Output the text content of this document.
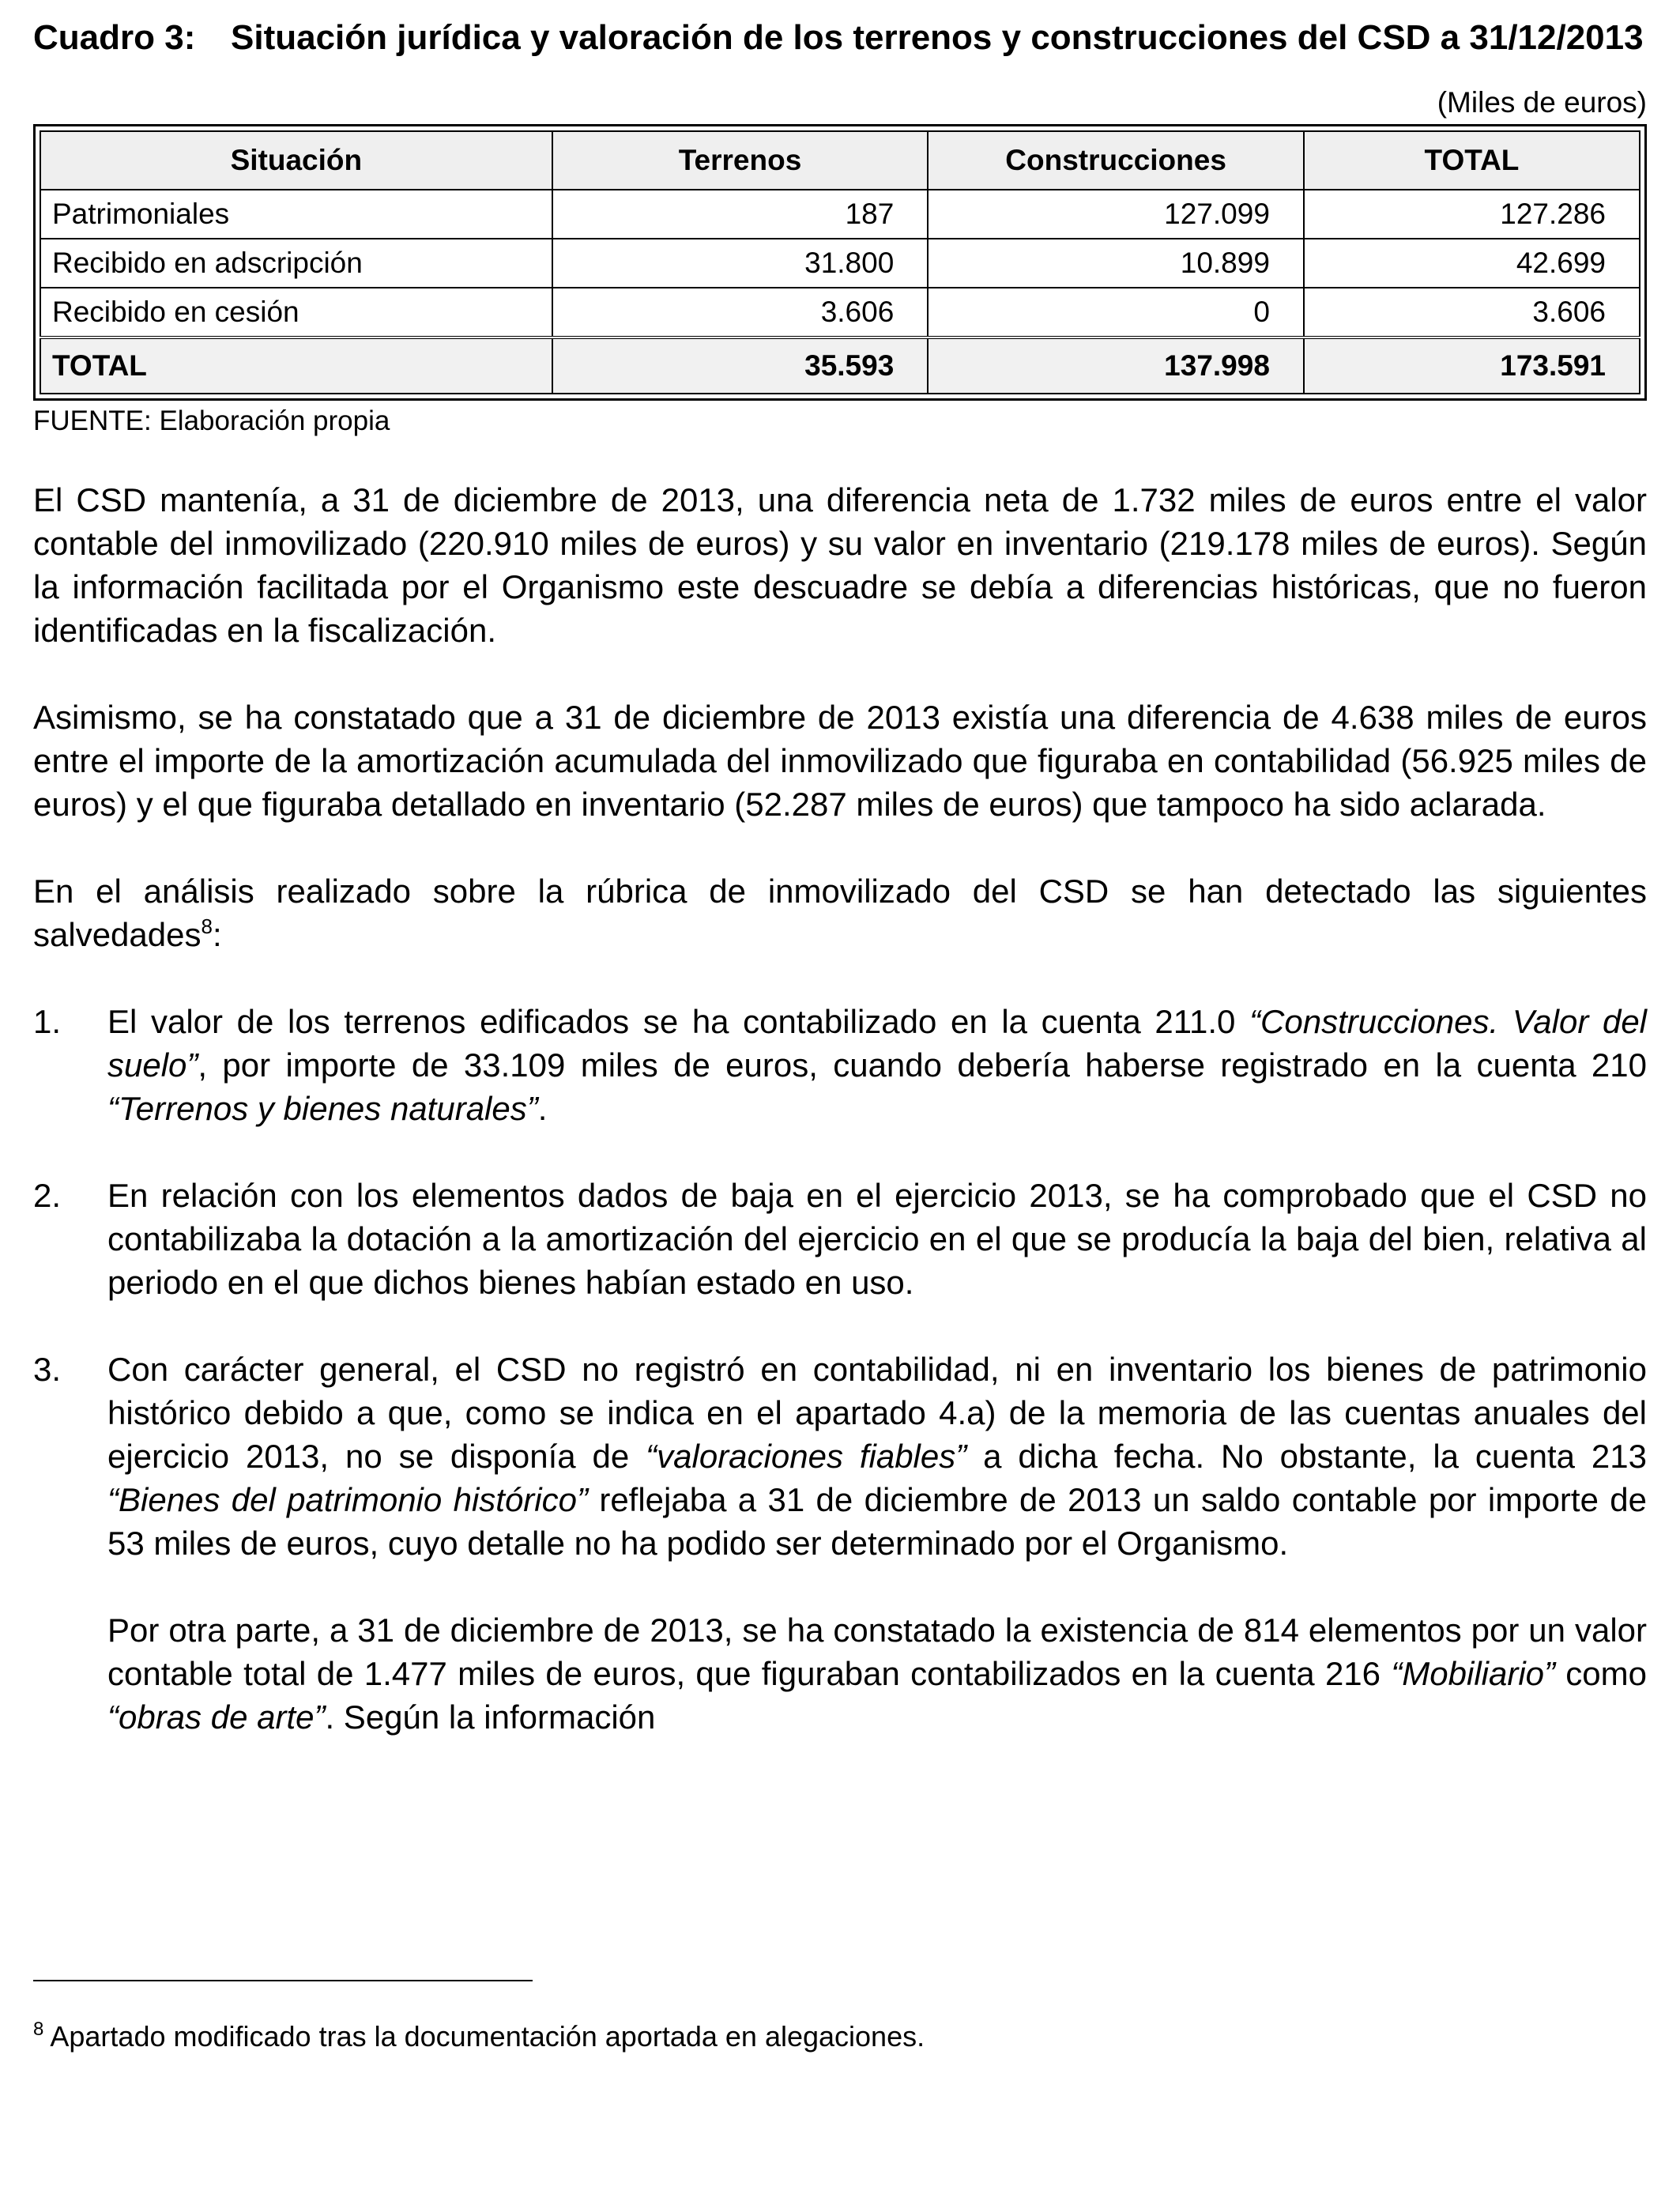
Cuadro 3:	Situación jurídica y valoración de los terrenos y construcciones del CSD a 31/12/2013
(Miles de euros)
Situación	Terrenos	Construcciones	TOTAL
Patrimoniales	187	127.099	127.286
Recibido en adscripción	31.800	10.899	42.699
Recibido en cesión	3.606	0	3.606
TOTAL	35.593	137.998	173.591
FUENTE: Elaboración propia

El CSD mantenía, a 31 de diciembre de 2013, una diferencia neta de 1.732 miles de euros entre el valor contable del inmovilizado (220.910 miles de euros) y su valor en inventario (219.178 miles de euros). Según la información facilitada por el Organismo este descuadre se debía a diferencias históricas, que no fueron identificadas en la fiscalización.

Asimismo, se ha constatado que a 31 de diciembre de 2013 existía una diferencia de 4.638 miles de euros entre el importe de la amortización acumulada del inmovilizado que figuraba en contabilidad (56.925 miles de euros) y el que figuraba detallado en inventario (52.287 miles de euros) que tampoco ha sido aclarada.

En el análisis realizado sobre la rúbrica de inmovilizado del CSD se han detectado las siguientes salvedades$^8$:

1.	El valor de los terrenos edificados se ha contabilizado en la cuenta 211.0 “Construcciones. Valor del suelo”, por importe de 33.109 miles de euros, cuando debería haberse registrado en la cuenta 210 “Terrenos y bienes naturales”.
2.	En relación con los elementos dados de baja en el ejercicio 2013, se ha comprobado que el CSD no contabilizaba la dotación a la amortización del ejercicio en el que se producía la baja del bien, relativa al periodo en el que dichos bienes habían estado en uso.
3.	Con carácter general, el CSD no registró en contabilidad, ni en inventario los bienes de patrimonio histórico debido a que, como se indica en el apartado 4.a) de la memoria de las cuentas anuales del ejercicio 2013, no se disponía de “valoraciones fiables” a dicha fecha. No obstante, la cuenta 213 “Bienes del patrimonio histórico” reflejaba a 31 de diciembre de 2013 un saldo contable por importe de 53 miles de euros, cuyo detalle no ha podido ser determinado por el Organismo.

Por otra parte, a 31 de diciembre de 2013, se ha constatado la existencia de 814 elementos por un valor contable total de 1.477 miles de euros, que figuraban contabilizados en la cuenta 216 “Mobiliario” como “obras de arte”. Según la información

$^8$ Apartado modificado tras la documentación aportada en alegaciones.
